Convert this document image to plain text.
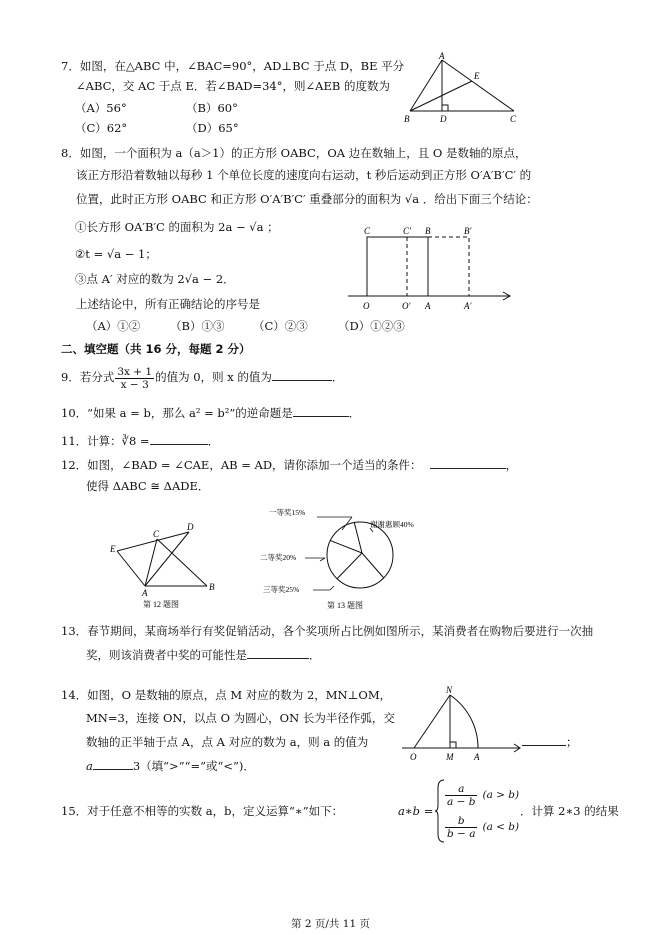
7．如图，在△ABC 中，∠BAC=90°，AD⊥BC 于点 D，BE 平分
∠ABC，交 AC 于点 E．若∠BAD=34°，则∠AEB 的度数为
（A）56°	（B）60°
（C）62°	（D）65°
A
E
B	D	C
8．如图，一个面积为 a（a＞1）的正方形 OABC，OA 边在数轴上，且 O 是数轴的原点，
该正方形沿着数轴以每秒 1 个单位长度的速度向右运动，t 秒后运动到正方形 O′A′B′C′ 的
位置，此时正方形 OABC 和正方形 O′A′B′C′ 重叠部分的面积为 √a ．给出下面三个结论：
①长方形 OA′B′C 的面积为 2a − √a ；
②t = √a − 1；
③点 A′ 对应的数为 2√a − 2．
上述结论中，所有正确结论的序号是
（A）①②	（B）①③ （C）②③	（D）①②③
C	C′ B	B′
O	O′ A	A′
二、填空题（共 16 分，每题 2 分）
9．若分式 $\frac{3x + 1}{x - 3}$ 的值为 0，则 x 的值为	．
10．“如果 a = b，那么 a² = b²”的逆命题是	．
11．计算：∛8 =	．
12．如图，∠BAD = ∠CAE，AB = AD，请你添加一个适当的条件：	，
使得 ΔABC ≅ ΔADE．
D
C
E
A
B
第 12 题图
一等奖15%
二等奖20%
三等奖25%
谢谢惠顾40%
第 13 题图
13．春节期间，某商场举行有奖促销活动，各个奖项所占比例如图所示，某消费者在购物后要进行一次抽
奖，则该消费者中奖的可能性是	．
14．如图，O 是数轴的原点，点 M 对应的数为 2，MN⊥OM，
MN=3，连接 ON，以点 O 为圆心，ON 长为半径作弧，交
数轴的正半轴于点 A，点 A 对应的数为 a，则 a 的值为
a	3（填“>”“=”或“<”)．
N
O	M A
；
15．对于任意不相等的实数 a，b，定义运算“∗”如下：	a∗b =
$\frac{a}{a - b} (a > b)$
$\frac{b}{b - a} (a < b)$
．计算 2∗3 的结果
第 2 页/共 11 页
